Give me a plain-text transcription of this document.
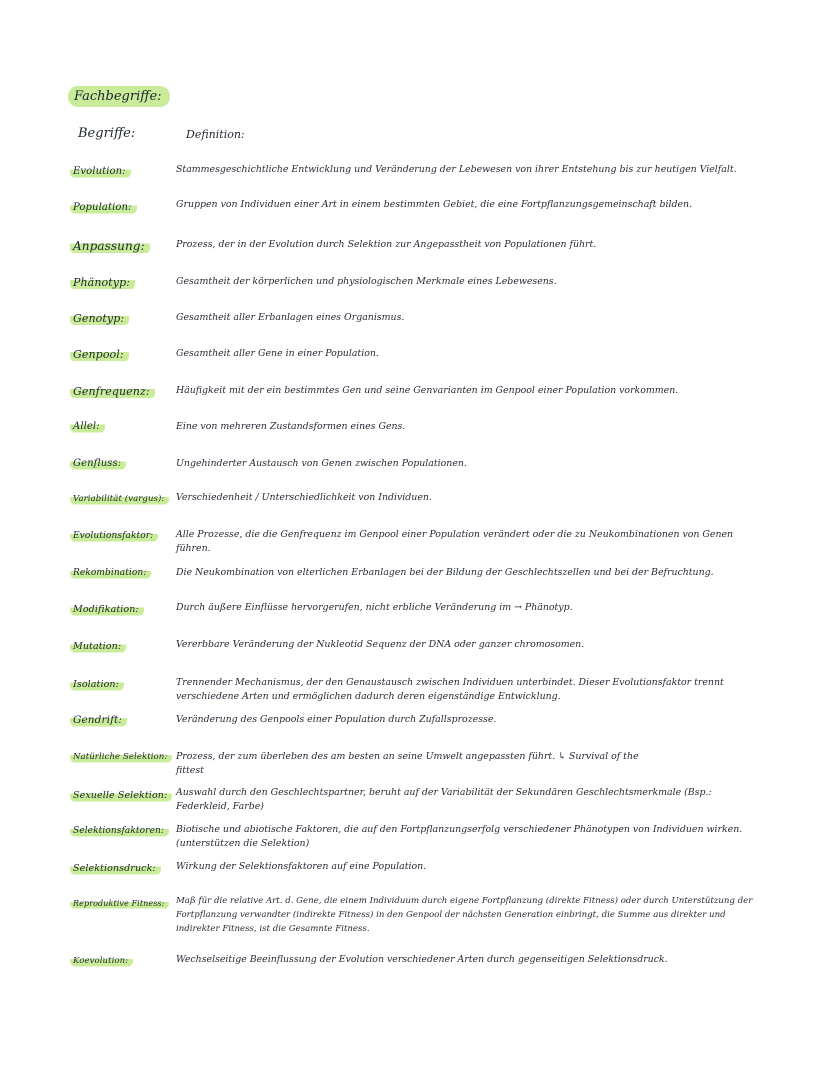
Fachbegriffe:
Begriffe:	Definition:
Evolution:	Stammesgeschichtliche Entwicklung und Veränderung der Lebewesen von ihrer Entstehung bis zur heutigen Vielfalt.
Population:	Gruppen von Individuen einer Art in einem bestimmten Gebiet, die eine Fortpflanzungsgemeinschaft bilden.
Anpassung:	Prozess, der in der Evolution durch Selektion zur Angepasstheit von Populationen führt.
Phänotyp:	Gesamtheit der körperlichen und physiologischen Merkmale eines Lebewesens.
Genotyp:	Gesamtheit aller Erbanlagen eines Organismus.
Genpool:	Gesamtheit aller Gene in einer Population.
Genfrequenz:	Häufigkeit mit der ein bestimmtes Gen und seine Genvarianten im Genpool einer Population vorkommen.
Allel:	Eine von mehreren Zustandsformen eines Gens.
Genfluss:	Ungehinderter Austausch von Genen zwischen Populationen.
Variabilität (vargus):	Verschiedenheit / Unterschiedlichkeit von Individuen.
Evolutionsfaktor:	Alle Prozesse, die die Genfrequenz im Genpool einer Population verändert oder die zu Neukombinationen von Genen führen.
Rekombination:	Die Neukombination von elterlichen Erbanlagen bei der Bildung der Geschlechtszellen und bei der Befruchtung.
Modifikation:	Durch äußere Einflüsse hervorgerufen, nicht erbliche Veränderung im → Phänotyp.
Mutation:	Vererbbare Veränderung der Nukleotid Sequenz der DNA oder ganzer chromosomen.
Isolation:	Trennender Mechanismus, der den Genaustausch zwischen Individuen unterbindet. Dieser Evolutionsfaktor trennt verschiedene Arten und ermöglichen dadurch deren eigenständige Entwicklung.
Gendrift:	Veränderung des Genpools einer Population durch Zufallsprozesse.
Natürliche Selektion: Prozess, der zum überleben des am besten an seine Umwelt angepassten führt. ↳ Survival of the fittest
Sexuelle Selektion: Auswahl durch den Geschlechtspartner, beruht auf der Variabilität der Sekundären Geschlechtsmerkmale (Bsp.: Federkleid, Farbe)
Selektionsfaktoren:	Biotische und abiotische Faktoren, die auf den Fortpflanzungserfolg verschiedener Phänotypen von Individuen wirken. (unterstützen die Selektion)
Selektionsdruck:	Wirkung der Selektionsfaktoren auf eine Population.
Reproduktive Fitness:	Maß für die relative Art. d. Gene, die einem Individuum durch eigene Fortpflanzung (direkte Fitness) oder durch Unterstützung der Fortpflanzung verwandter (indirekte Fitness) in den Genpool der nächsten Generation einbringt, die Summe aus direkter und indirekter Fitness, ist die Gesamnte Fitness.
Koevolution:	Wechselseitige Beeinflussung der Evolution verschiedener Arten durch gegenseitigen Selektionsdruck.
